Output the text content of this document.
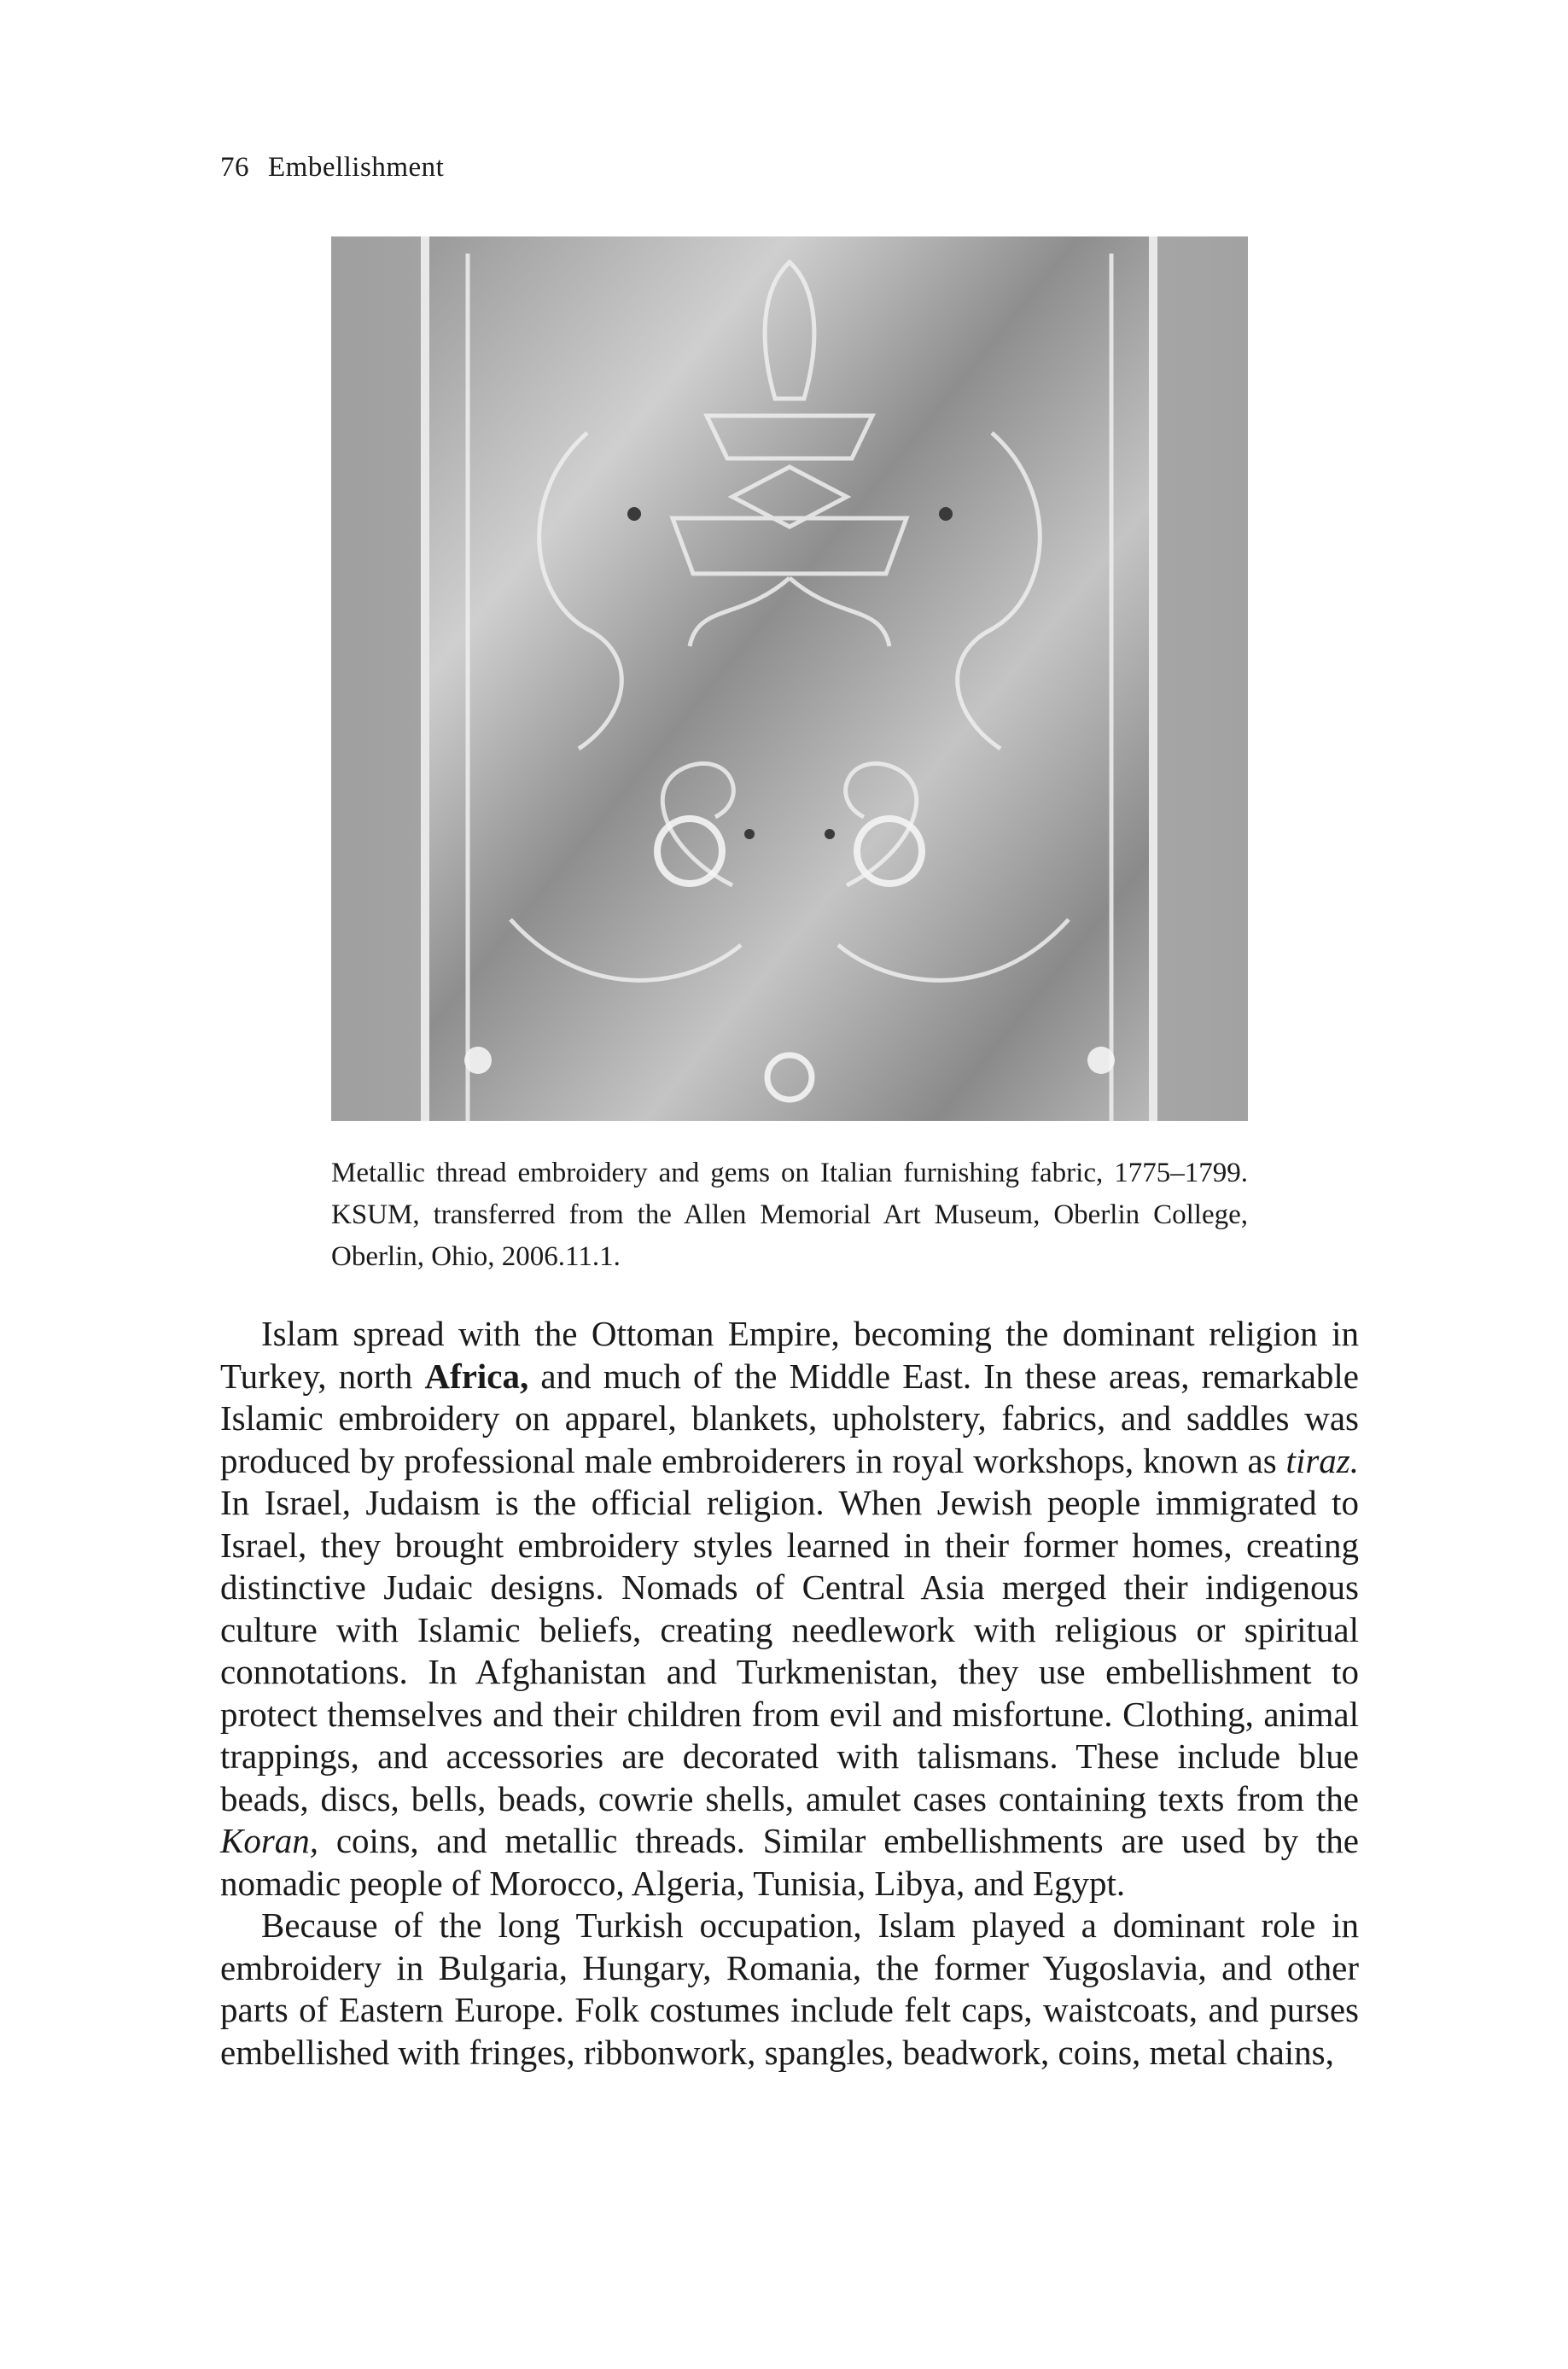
76 Embellishment
Metallic thread embroidery and gems on Italian furnishing fabric, 1775–1799. KSUM, transferred from the Allen Memorial Art Museum, Oberlin College, Oberlin, Ohio, 2006.11.1.

Islam spread with the Ottoman Empire, becoming the dominant religion in Turkey, north Africa, and much of the Middle East. In these areas, remarkable Islamic embroidery on apparel, blankets, upholstery, fabrics, and saddles was produced by professional male embroiderers in royal workshops, known as tiraz. In Israel, Judaism is the official religion. When Jewish people immigrated to Israel, they brought embroidery styles learned in their former homes, creating distinctive Judaic designs. Nomads of Central Asia merged their indigenous culture with Islamic beliefs, creating needlework with religious or spiritual connotations. In Afghanistan and Turkmenistan, they use embellishment to protect themselves and their children from evil and misfortune. Clothing, animal trappings, and accessories are decorated with talismans. These include blue beads, discs, bells, beads, cowrie shells, amulet cases containing texts from the Koran, coins, and metallic threads. Similar embellishments are used by the nomadic people of Morocco, Algeria, Tunisia, Libya, and Egypt.

Because of the long Turkish occupation, Islam played a dominant role in embroidery in Bulgaria, Hungary, Romania, the former Yugoslavia, and other parts of Eastern Europe. Folk costumes include felt caps, waistcoats, and purses embellished with fringes, ribbonwork, spangles, beadwork, coins, metal chains,
